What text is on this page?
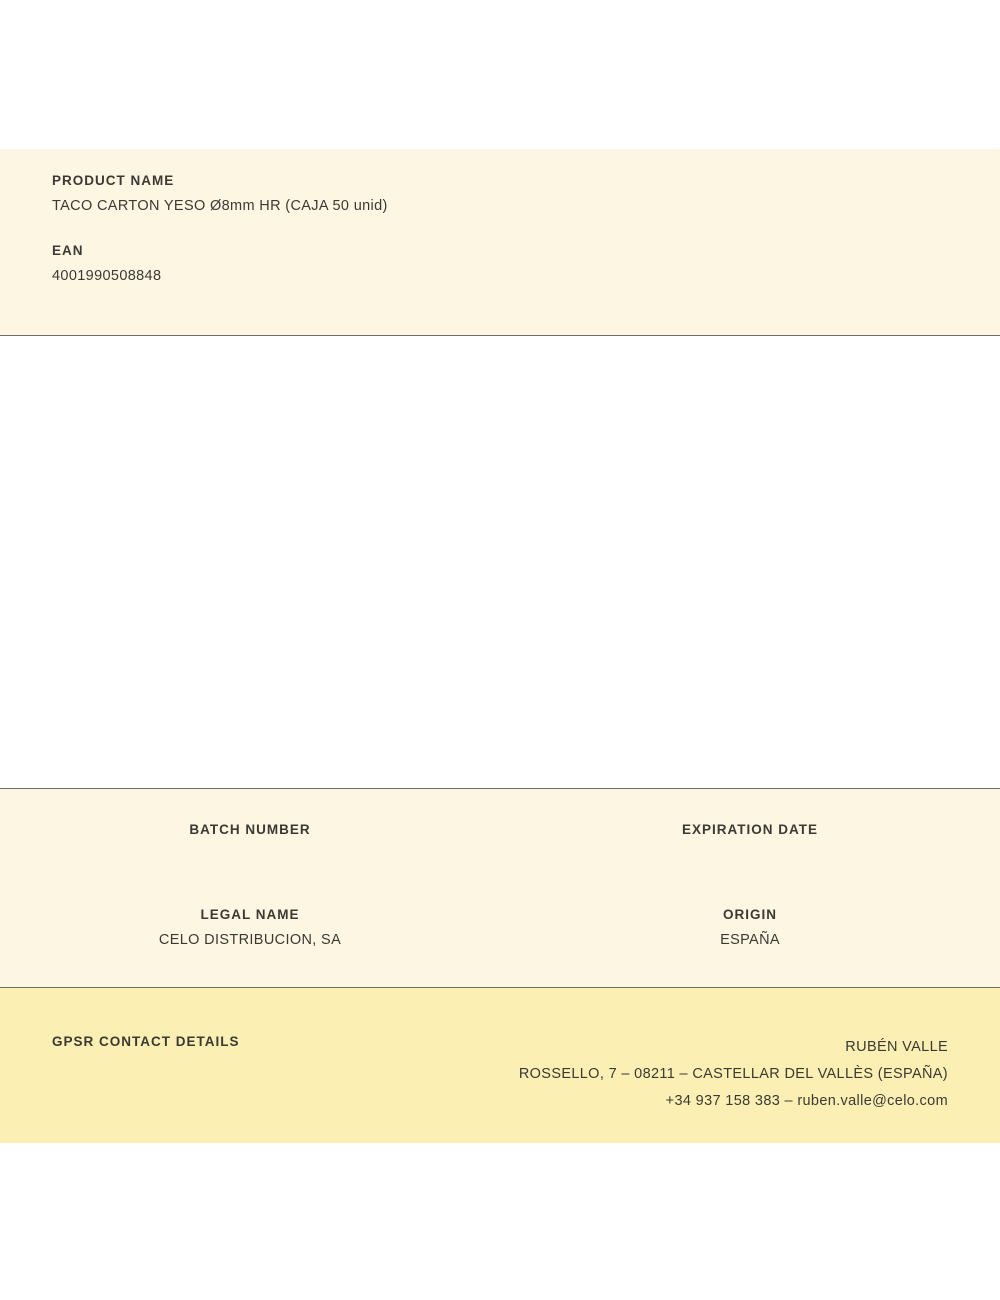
PRODUCT NAME

TACO CARTON YESO Ø8mm HR (CAJA 50 unid)

EAN

4001990508848

BATCH NUMBER	EXPIRATION DATE

LEGAL NAME

CELO DISTRIBUCION, SA

ORIGIN

ESPAÑA

GPSR CONTACT DETAILS	RUBÉN VALLE
ROSSELLO, 7 – 08211 – CASTELLAR DEL VALLÈS (ESPAÑA)
+34 937 158 383 – ruben.valle@celo.com
